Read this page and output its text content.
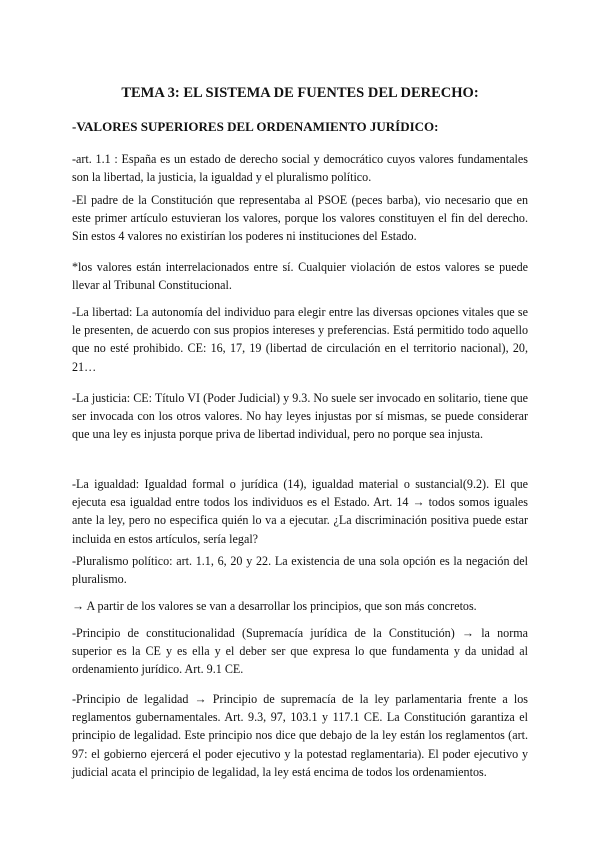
TEMA 3: EL SISTEMA DE FUENTES DEL DERECHO:
-VALORES SUPERIORES DEL ORDENAMIENTO JURÍDICO:

-art. 1.1 : España es un estado de derecho social y democrático cuyos valores fundamentales son la libertad, la justicia, la igualdad y el pluralismo político.

-El padre de la Constitución que representaba al PSOE (peces barba), vio necesario que en este primer artículo estuvieran los valores, porque los valores constituyen el fin del derecho. Sin estos 4 valores no existirían los poderes ni instituciones del Estado.

*los valores están interrelacionados entre sí. Cualquier violación de estos valores se puede llevar al Tribunal Constitucional.

-La libertad: La autonomía del individuo para elegir entre las diversas opciones vitales que se le presenten, de acuerdo con sus propios intereses y preferencias. Está permitido todo aquello que no esté prohibido. CE: 16, 17, 19 (libertad de circulación en el territorio nacional), 20, 21…

-La justicia: CE: Título VI (Poder Judicial) y 9.3. No suele ser invocado en solitario, tiene que ser invocada con los otros valores. No hay leyes injustas por sí mismas, se puede considerar que una ley es injusta porque priva de libertad individual, pero no porque sea injusta.

-La igualdad: Igualdad formal o jurídica (14), igualdad material o sustancial(9.2). El que ejecuta esa igualdad entre todos los individuos es el Estado. Art. 14 → todos somos iguales ante la ley, pero no especifica quién lo va a ejecutar. ¿La discriminación positiva puede estar incluida en estos artículos, sería legal?

-Pluralismo político: art. 1.1, 6, 20 y 22. La existencia de una sola opción es la negación del pluralismo.

→ A partir de los valores se van a desarrollar los principios, que son más concretos.

-Principio de constitucionalidad (Supremacía jurídica de la Constitución) → la norma superior es la CE y es ella y el deber ser que expresa lo que fundamenta y da unidad al ordenamiento jurídico. Art. 9.1 CE.

-Principio de legalidad → Principio de supremacía de la ley parlamentaria frente a los reglamentos gubernamentales. Art. 9.3, 97, 103.1 y 117.1 CE. La Constitución garantiza el principio de legalidad. Este principio nos dice que debajo de la ley están los reglamentos (art. 97: el gobierno ejercerá el poder ejecutivo y la potestad reglamentaria). El poder ejecutivo y judicial acata el principio de legalidad, la ley está encima de todos los ordenamientos.
